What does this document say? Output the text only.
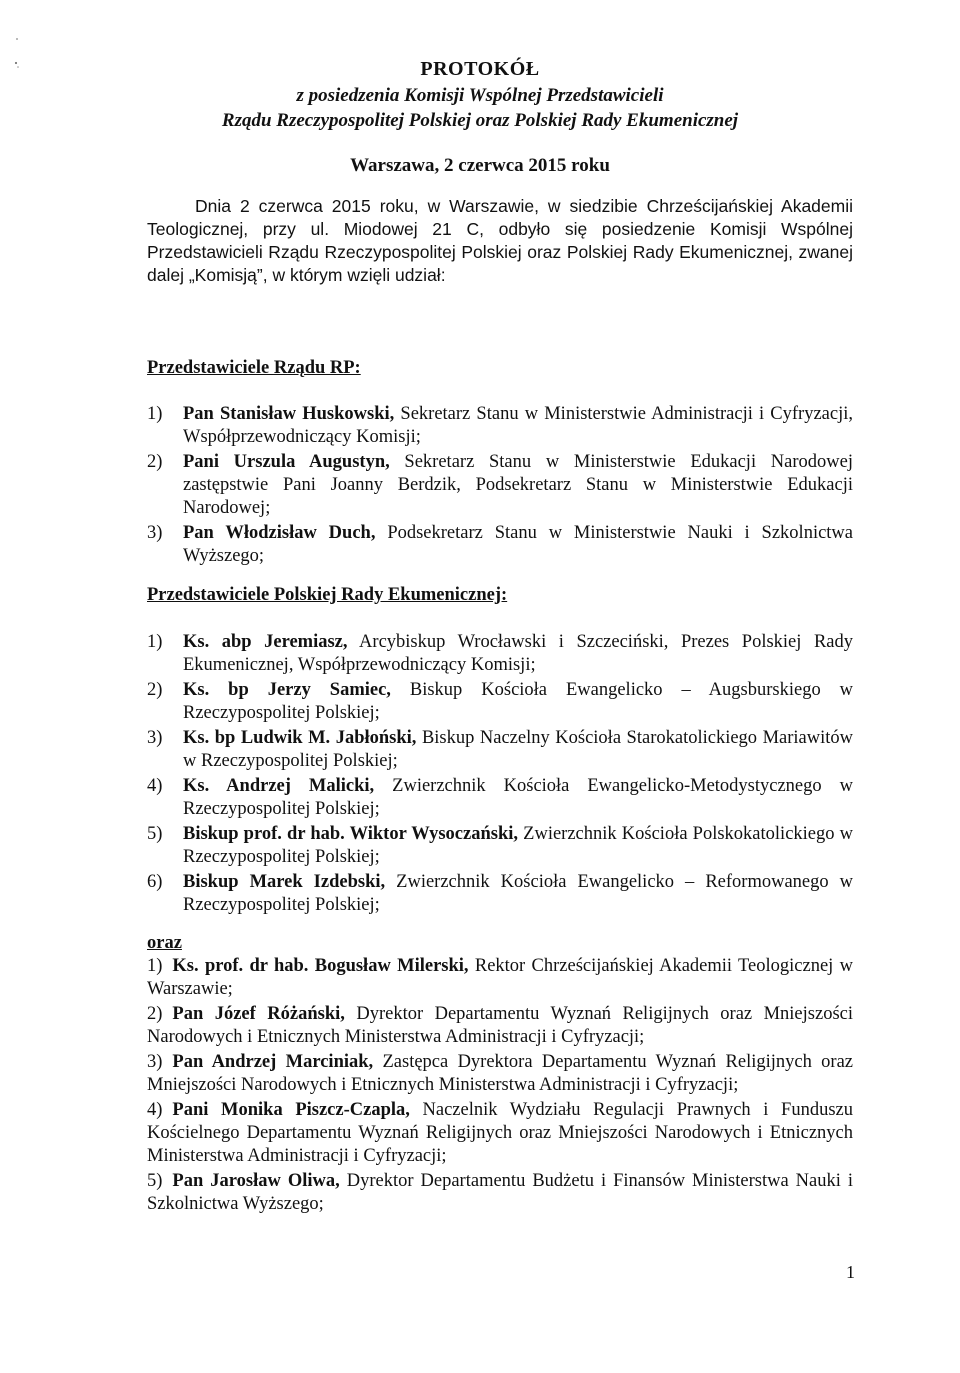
PROTOKÓŁ
z posiedzenia Komisji Wspólnej Przedstawicieli
Rządu Rzeczypospolitej Polskiej oraz Polskiej Rady Ekumenicznej
Warszawa, 2 czerwca 2015 roku
Dnia 2 czerwca 2015 roku, w Warszawie, w siedzibie Chrześcijańskiej Akademii Teologicznej, przy ul. Miodowej 21 C, odbyło się posiedzenie Komisji Wspólnej Przedstawicieli Rządu Rzeczypospolitej Polskiej oraz Polskiej Rady Ekumenicznej, zwanej dalej „Komisją”, w którym wzięli udział:
Przedstawiciele Rządu RP:
1) Pan Stanisław Huskowski, Sekretarz Stanu w Ministerstwie Administracji i Cyfryzacji, Współprzewodniczący Komisji;
2) Pani Urszula Augustyn, Sekretarz Stanu w Ministerstwie Edukacji Narodowej zastępstwie Pani Joanny Berdzik, Podsekretarz Stanu w Ministerstwie Edukacji Narodowej;
3) Pan Włodzisław Duch, Podsekretarz Stanu w Ministerstwie Nauki i Szkolnictwa Wyższego;
Przedstawiciele Polskiej Rady Ekumenicznej:
1) Ks. abp Jeremiasz, Arcybiskup Wrocławski i Szczeciński, Prezes Polskiej Rady Ekumenicznej, Współprzewodniczący Komisji;
2) Ks. bp Jerzy Samiec, Biskup Kościoła Ewangelicko – Augsburskiego w Rzeczypospolitej Polskiej;
3) Ks. bp Ludwik M. Jabłoński, Biskup Naczelny Kościoła Starokatolickiego Mariawitów w Rzeczypospolitej Polskiej;
4) Ks. Andrzej Malicki, Zwierzchnik Kościoła Ewangelicko-Metodystycznego w Rzeczypospolitej Polskiej;
5) Biskup prof. dr hab. Wiktor Wysoczański, Zwierzchnik Kościoła Polskokatolickiego w Rzeczypospolitej Polskiej;
6) Biskup Marek Izdebski, Zwierzchnik Kościoła Ewangelicko – Reformowanego w Rzeczypospolitej Polskiej;
oraz
1) Ks. prof. dr hab. Bogusław Milerski, Rektor Chrześcijańskiej Akademii Teologicznej w Warszawie;
2) Pan Józef Różański, Dyrektor Departamentu Wyznań Religijnych oraz Mniejszości Narodowych i Etnicznych Ministerstwa Administracji i Cyfryzacji;
3) Pan Andrzej Marciniak, Zastępca Dyrektora Departamentu Wyznań Religijnych oraz Mniejszości Narodowych i Etnicznych Ministerstwa Administracji i Cyfryzacji;
4) Pani Monika Piszcz-Czapla, Naczelnik Wydziału Regulacji Prawnych i Funduszu Kościelnego Departamentu Wyznań Religijnych oraz Mniejszości Narodowych i Etnicznych Ministerstwa Administracji i Cyfryzacji;
5) Pan Jarosław Oliwa, Dyrektor Departamentu Budżetu i Finansów Ministerstwa Nauki i Szkolnictwa Wyższego;
1
